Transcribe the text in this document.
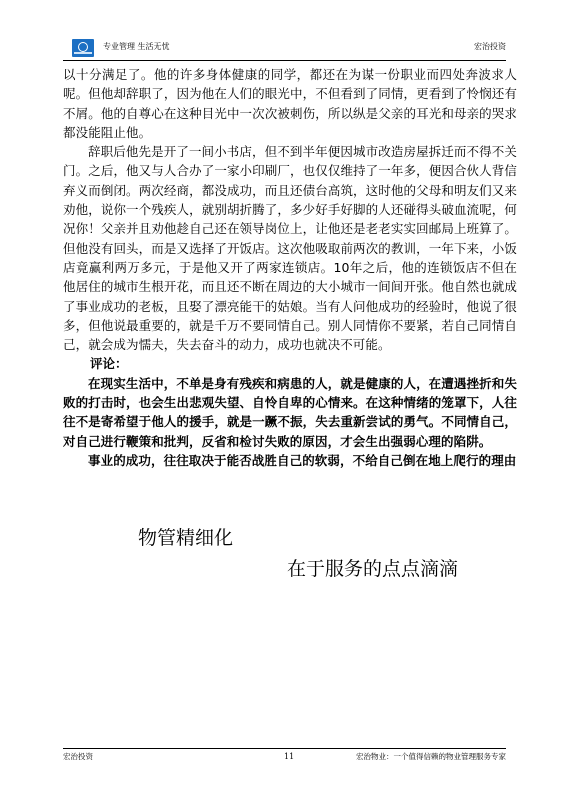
专业管理 生活无忧	宏治投资

以十分满足了。他的许多身体健康的同学，都还在为谋一份职业而四处奔波求人呢。但他却辞职了，因为他在人们的眼光中，不但看到了同情，更看到了怜悯还有不屑。他的自尊心在这种目光中一次次被刺伤，所以纵是父亲的耳光和母亲的哭求都没能阻止他。

辞职后他先是开了一间小书店，但不到半年便因城市改造房屋拆迁而不得不关门。之后，他又与人合办了一家小印刷厂，也仅仅维持了一年多，便因合伙人背信弃义而倒闭。两次经商，都没成功，而且还债台高筑，这时他的父母和明友们又来劝他，说你一个残疾人，就别胡折腾了，多少好手好脚的人还碰得头破血流呢，何况你！父亲并且劝他趁自己还在领导岗位上，让他还是老老实实回邮局上班算了。但他没有回头，而是又选择了开饭店。这次他吸取前两次的教训，一年下来，小饭店竟赢利两万多元，于是他又开了两家连锁店。10年之后，他的连锁饭店不但在他居住的城市生根开花，而且还不断在周边的大小城市一间间开张。他自然也就成了事业成功的老板，且娶了漂亮能干的姑娘。当有人问他成功的经验时，他说了很多，但他说最重要的，就是千万不要同情自己。别人同情你不要紧，若自己同情自己，就会成为懦夫，失去奋斗的动力，成功也就决不可能。

评论：

在现实生活中，不单是身有残疾和病患的人，就是健康的人，在遭遇挫折和失败的打击时，也会生出悲观失望、自怜自卑的心情来。在这种情绪的笼罩下，人往往不是寄希望于他人的援手，就是一蹶不振，失去重新尝试的勇气。不同情自己，对自己进行鞭策和批判，反省和检讨失败的原因，才会生出强弱心理的陷阱。

事业的成功，往往取决于能否战胜自己的软弱，不给自己倒在地上爬行的理由

物管精细化
在于服务的点点滴滴
宏治投资	11	宏治物业：一个值得信赖的物业管理服务专家
